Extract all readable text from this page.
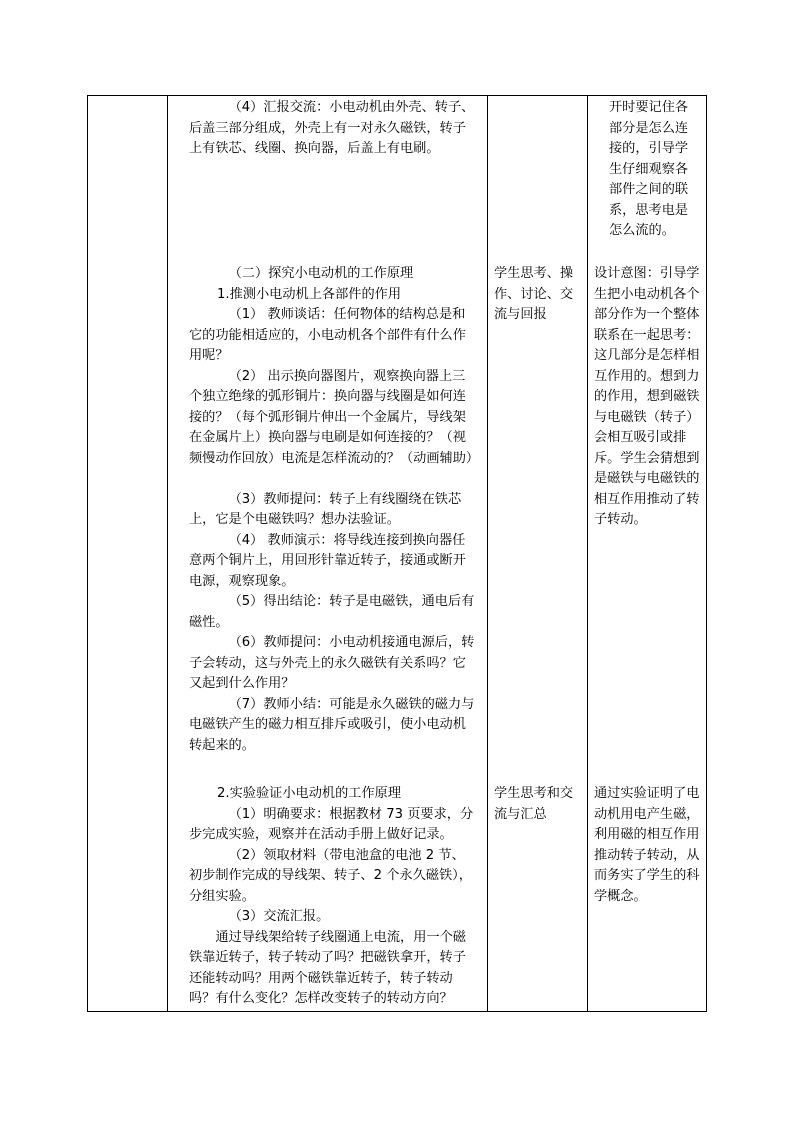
（4）汇报交流：小电动机由外壳、转子、后盖三部分组成，外壳上有一对永久磁铁，转子上有铁芯、线圈、换向器，后盖上有电刷。

开时要记住各部分是怎么连接的，引导学生仔细观察各部件之间的联系，思考电是怎么流的。

（二）探究小电动机的工作原理

1.推测小电动机上各部件的作用

（1） 教师谈话：任何物体的结构总是和它的功能相适应的，小电动机各个部件有什么作用呢？

（2） 出示换向器图片，观察换向器上三个独立绝缘的弧形铜片：换向器与线圈是如何连接的？（每个弧形铜片伸出一个金属片，导线架在金属片上）换向器与电刷是如何连接的？（视频慢动作回放）电流是怎样流动的？（动画辅助）

（3）教师提问：转子上有线圈绕在铁芯上，它是个电磁铁吗？想办法验证。

（4） 教师演示：将导线连接到换向器任意两个铜片上，用回形针靠近转子，接通或断开电源，观察现象。

（5）得出结论：转子是电磁铁，通电后有磁性。

（6）教师提问：小电动机接通电源后，转子会转动，这与外壳上的永久磁铁有关系吗？它又起到什么作用？

（7）教师小结：可能是永久磁铁的磁力与电磁铁产生的磁力相互排斥或吸引，使小电动机转起来的。

学生思考、操作、讨论、交流与回报

设计意图：引导学生把小电动机各个部分作为一个整体联系在一起思考：这几部分是怎样相互作用的。想到力的作用，想到磁铁与电磁铁（转子）会相互吸引或排斥。学生会猜想到是磁铁与电磁铁的相互作用推动了转子转动。

2.实验验证小电动机的工作原理

（1）明确要求：根据教材 73 页要求，分步完成实验，观察并在活动手册上做好记录。

（2）领取材料（带电池盒的电池 2 节、初步制作完成的导线架、转子、2 个永久磁铁），分组实验。

（3）交流汇报。

通过导线架给转子线圈通上电流，用一个磁铁靠近转子，转子转动了吗？把磁铁拿开，转子还能转动吗？用两个磁铁靠近转子，转子转动吗？有什么变化？怎样改变转子的转动方向？

学生思考和交流与汇总

通过实验证明了电动机用电产生磁，利用磁的相互作用推动转子转动，从而务实了学生的科学概念。
